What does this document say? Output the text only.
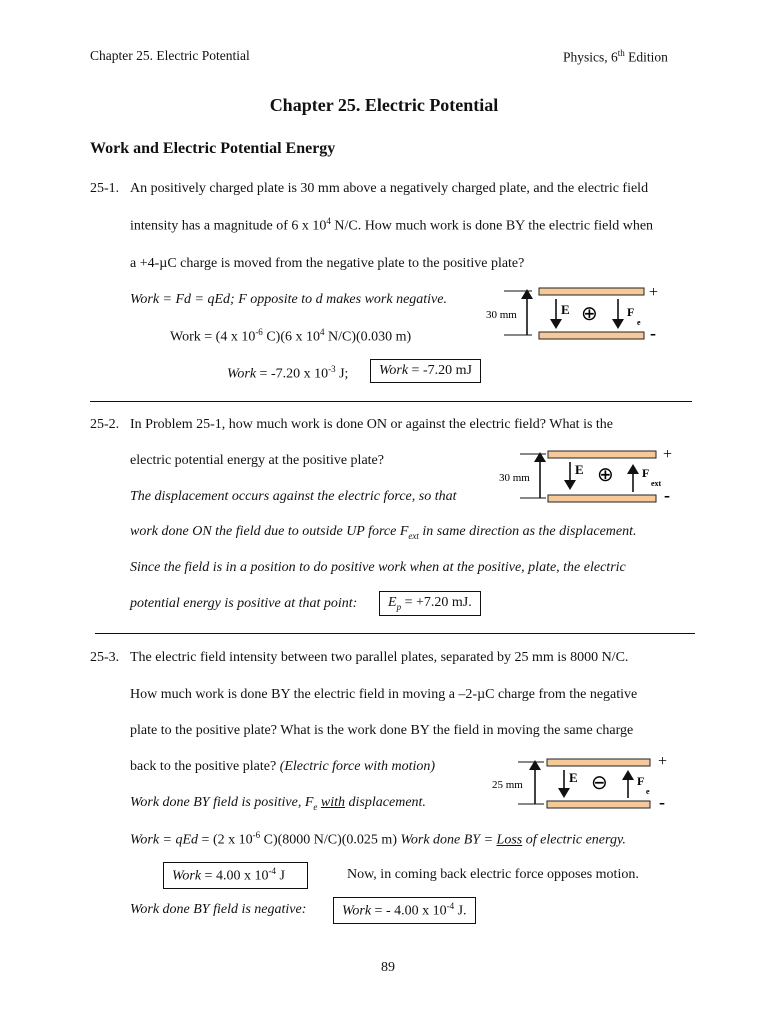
Chapter 25. Electric Potential	Physics, 6th Edition
Chapter 25. Electric Potential
Work and Electric Potential Energy
25-1. An positively charged plate is 30 mm above a negatively charged plate, and the electric field
intensity has a magnitude of 6 x $10^4$ N/C. How much work is done BY the electric field when
a +4-µC charge is moved from the negative plate to the positive plate?
Work = Fd = qEd; F opposite to d makes work negative.
Work = (4 x $10^{-6}$ C)(6 x $10^4$ N/C)(0.030 m)
Work = -7.20 x $10^{-3}$ J;	Work = -7.20 mJ
30 mm	E ⊕ F
e
+
-
25-2. In Problem 25-1, how much work is done ON or against the electric field? What is the
electric potential energy at the positive plate?
The displacement occurs against the electric force, so that
work done ON the field due to outside UP force $F_{ext}$ in same direction as the displacement.
Since the field is in a position to do positive work when at the positive, plate, the electric
potential energy is positive at that point:	$E_p = +7.20$ mJ.
30 mm
E ⊕ F
ext
+
-
25-3. The electric field intensity between two parallel plates, separated by 25 mm is 8000 N/C.
How much work is done BY the electric field in moving a –2-µC charge from the negative
plate to the positive plate? What is the work done BY the field in moving the same charge
back to the positive plate? (Electric force with motion)
Work done BY field is positive, $F_e$ with displacement.
Work = qEd = (2 x $10^{-6}$ C)(8000 N/C)(0.025 m) Work done BY = Loss of electric energy.
Work = 4.00 x $10^{-4}$ J	Now, in coming back electric force opposes motion.
Work done BY field is negative:	Work = - 4.00 x $10^{-4}$ J.
25 mm	E ⊖ F
e
+
-
89
